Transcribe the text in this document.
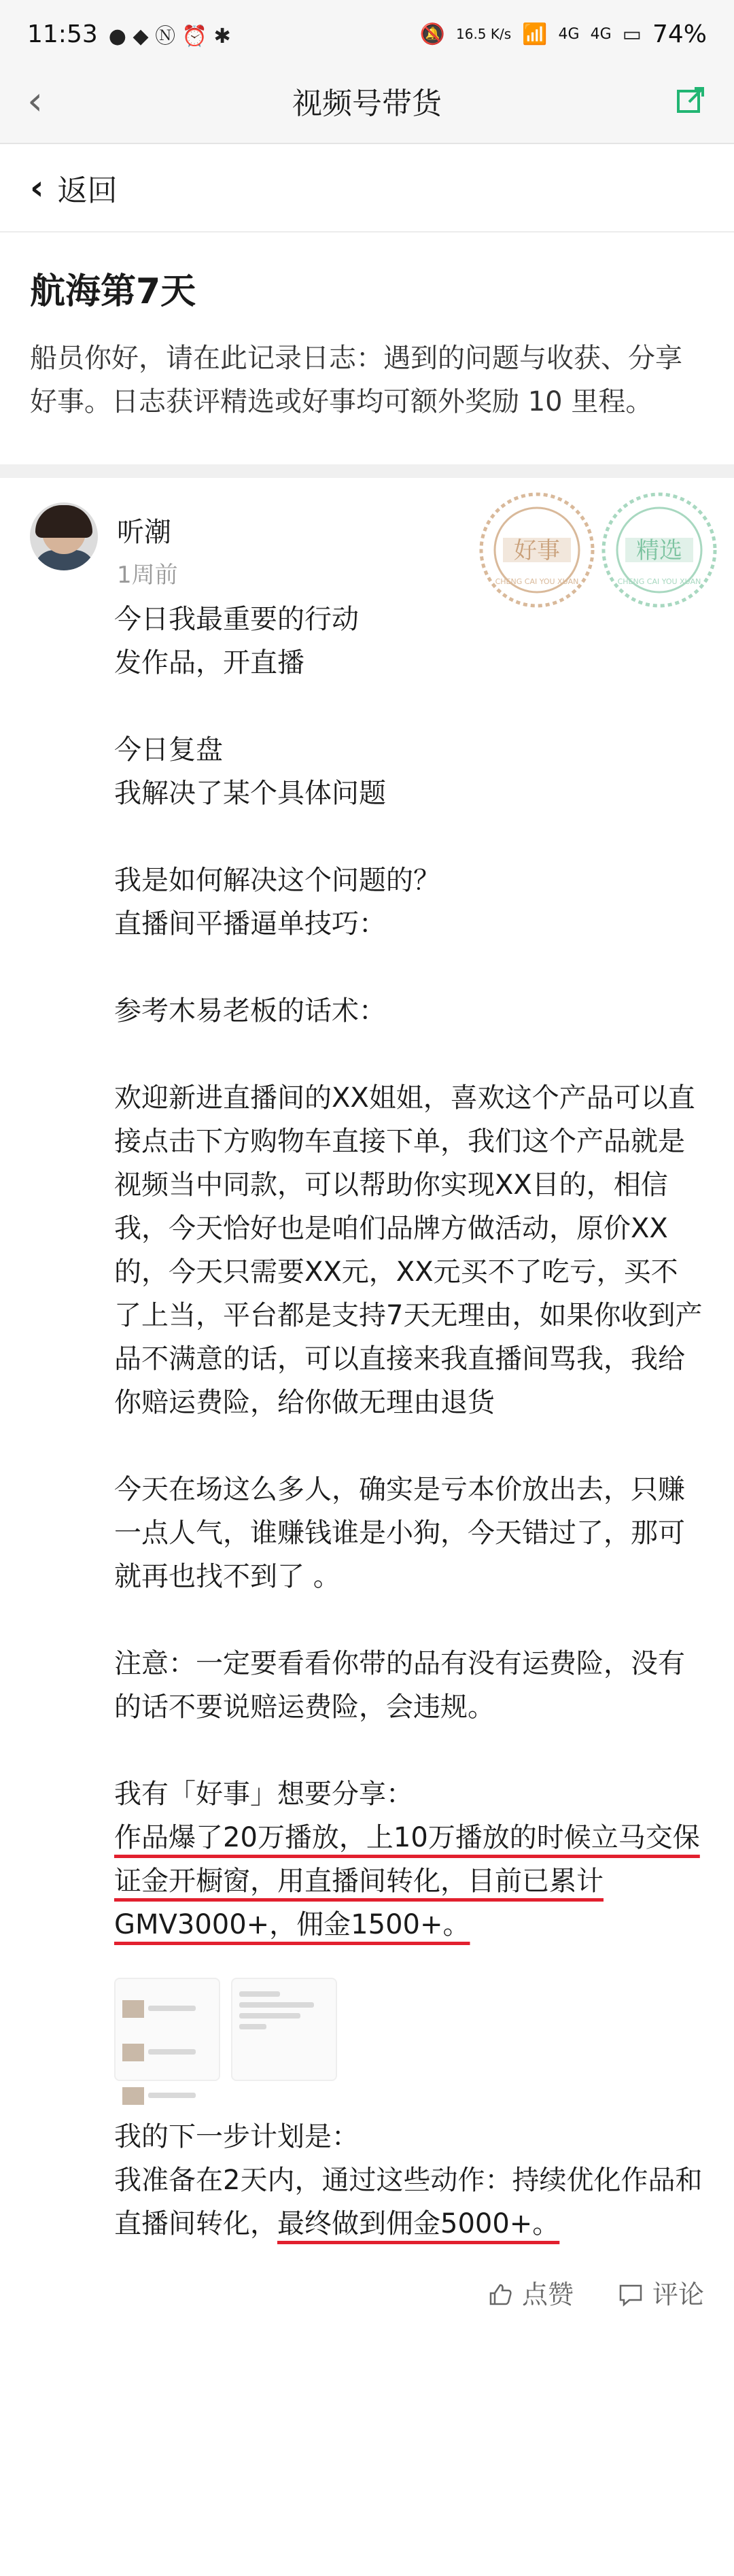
11:53 ● ◆ Ⓝ ⏰ ✱	🔕 16.5 K/s 📶 4G 4G ▭ 74%
‹	视频号带货
‹ 返回
航海第7天

船员你好，请在此记录日志：遇到的问题与收获、分享好事。日志获评精选或好事均可额外奖励 10 里程。

听潮
1周前
好事
CHENG CAI YOU XUAN
精选
CHENG CAI YOU XUAN

今日我最重要的行动

发作品，开直播

今日复盘

我解决了某个具体问题

我是如何解决这个问题的？

直播间平播逼单技巧：

参考木易老板的话术：

欢迎新进直播间的XX姐姐，喜欢这个产品可以直接点击下方购物车直接下单，我们这个产品就是视频当中同款，可以帮助你实现XX目的，相信我，今天恰好也是咱们品牌方做活动，原价XX的，今天只需要XX元，XX元买不了吃亏，买不了上当，平台都是支持7天无理由，如果你收到产品不满意的话，可以直接来我直播间骂我，我给你赔运费险，给你做无理由退货

今天在场这么多人，确实是亏本价放出去，只赚一点人气，谁赚钱谁是小狗，今天错过了，那可就再也找不到了 。

注意：一定要看看你带的品有没有运费险，没有的话不要说赔运费险，会违规。

我有「好事」想要分享：

作品爆了20万播放，上10万播放的时候立马交保证金开橱窗，用直播间转化，目前已累计GMV3000+，佣金1500+。

我的下一步计划是：

我准备在2天内，通过这些动作：持续优化作品和直播间转化，最终做到佣金5000+。

点赞	评论
